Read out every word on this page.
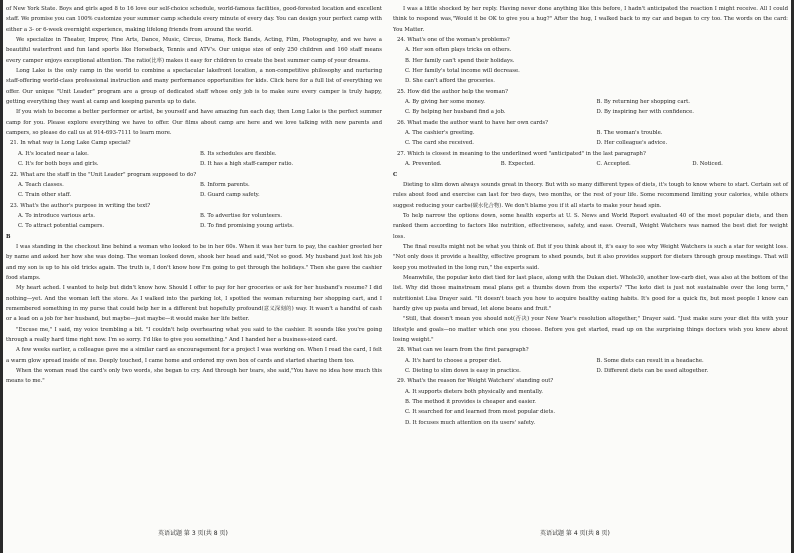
of New York State. Boys and girls aged 8 to 16 love our self-choice schedule, world-famous facilities, good-forested location and excellent staff. We promise you can 100% customize your summer camp schedule every minute of every day. You can design your perfect camp with either a 3- or 6-week overnight experience, making lifelong friends from around the world.

We specialize in Theater, Improv, Fine Arts, Dance, Music, Circus, Drama, Rock Bands, Acting, Film, Photography, and we have a beautiful waterfront and fun land sports like Horseback, Tennis and ATV's. Our unique size of only 250 children and 160 staff means every camper enjoys exceptional attention. The ratio(比率) makes it easy for children to create the best summer camp of your dreams.

Long Lake is the only camp in the world to combine a spectacular lakefront location, a non-competitive philosophy and nurturing staff-offering world-class professional instruction and many performance opportunities for kids. Click here for a full list of everything we offer. Our unique "Unit Leader" program are a group of dedicated staff whose only job is to make sure every camper is truly happy, getting everything they want at camp and keeping parents up to date.

If you wish to become a better performer or artist, be yourself and have amazing fun each day, then Long Lake is the perfect summer camp for you. Please explore everything we have to offer. Our films about camp are here and we love talking with new parents and campers, so please do call us at 914-693-7111 to learn more.

21. In what way is Long Lake Camp special?

A. It's located near a lake.	B. Its schedules are flexible.
C. It's for both boys and girls.	D. It has a high staff-camper ratio.

22. What are the staff in the "Unit Leader" program supposed to do?

A. Teach classes.	B. Inform parents.
C. Train other staff.	D. Guard camp safety.

23. What's the author's purpose in writing the text?

A. To introduce various arts.	B. To advertise for volunteers.
C. To attract potential campers.	D. To find promising young artists.

B

I was standing in the checkout line behind a woman who looked to be in her 60s. When it was her turn to pay, the cashier greeted her by name and asked her how she was doing. The woman looked down, shook her head and said,"Not so good. My husband just lost his job and my son is up to his old tricks again. The truth is, I don't know how I'm going to get through the holidays." Then she gave the cashier food stamps.

My heart ached. I wanted to help but didn't know how. Should I offer to pay for her groceries or ask for her husband's resume? I did nothing—yet. And the woman left the store. As I walked into the parking lot, I spotted the woman returning her shopping cart, and I remembered something in my purse that could help her in a different but hopefully profound(意义深刻的) way. It wasn't a handful of cash or a lead on a job for her husband, but maybe—just maybe—it would make her life better.

"Excuse me," I said, my voice trembling a bit. "I couldn't help overhearing what you said to the cashier. It sounds like you're going through a really hard time right now. I'm so sorry. I'd like to give you something." And I handed her a business-sized card.

A few weeks earlier, a colleague gave me a similar card as encouragement for a project I was working on. When I read the card, I felt a warm glow spread inside of me. Deeply touched, I came home and ordered my own box of cards and started sharing them too.

When the woman read the card's only two words, she began to cry. And through her tears, she said,"You have no idea how much this means to me."

I was a little shocked by her reply. Having never done anything like this before, I hadn't anticipated the reaction I might receive. All I could think to respond was,"Would it be OK to give you a hug?" After the hug, I walked back to my car and began to cry too. The words on the card: You Matter.

24. What's one of the woman's problems?

A. Her son often plays tricks on others.

B. Her family can't spend their holidays.

C. Her family's total income will decrease.

D. She can't afford the groceries.

25. How did the author help the woman?

A. By giving her some money.	B. By returning her shopping cart.
C. By helping her husband find a job.	D. By inspiring her with confidence.

26. What made the author want to have her own cards?

A. The cashier's greeting.	B. The woman's trouble.
C. The card she received.	D. Her colleague's advice.

27. Which is closest in meaning to the underlined word "anticipated" in the last paragraph?

A. Prevented.	B. Expected.	C. Accepted.	D. Noticed.

C

Dieting to slim down always sounds great in theory. But with so many different types of diets, it's tough to know where to start. Certain set of rules about food and exercise can last for two days, two months, or the rest of your life. Some recommend limiting your calories, while others suggest reducing your carbs(碳水化合物). We don't blame you if it all starts to make your head spin.

To help narrow the options down, some health experts at U. S. News and World Report evaluated 40 of the most popular diets, and then ranked them according to factors like nutrition, effectiveness, safety, and ease. Overall, Weight Watchers was named the best diet for weight loss.

The final results might not be what you think of. But if you think about it, it's easy to see why Weight Watchers is such a star for weight loss. "Not only does it provide a healthy, effective program to shed pounds, but it also provides support for dieters through group meetings. That will keep you motivated in the long run," the experts said.

Meanwhile, the popular keto diet tied for last place, along with the Dukan diet. Whole30, another low-carb diet, was also at the bottom of the list. Why did those mainstream meal plans get a thumbs down from the experts? "The keto diet is just not sustainable over the long term," nutritionist Lisa Drayer said. "It doesn't teach you how to acquire healthy eating habits. It's good for a quick fix, but most people I know can hardly give up pasta and bread, let alone beans and fruit."

"Still, that doesn't mean you should not(否决) your New Year's resolution altogether," Drayer said. "Just make sure your diet fits with your lifestyle and goals—no matter which one you choose. Before you get started, read up on the surprising things doctors wish you knew about losing weight."

28. What can we learn from the first paragraph?

A. It's hard to choose a proper diet.	B. Some diets can result in a headache.
C. Dieting to slim down is easy in practice.	D. Different diets can be used altogether.

29. What's the reason for Weight Watchers' standing out?

A. It supports dieters both physically and mentally.

B. The method it provides is cheaper and easier.

C. It searched for and learned from most popular diets.

D. It focuses much attention on its users' safety.

英语试题 第 3 页(共 8 页)	英语试题 第 4 页(共 8 页)
